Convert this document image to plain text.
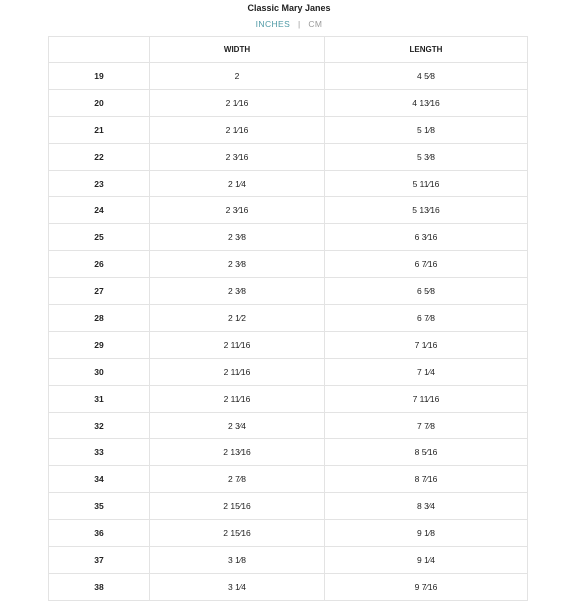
Classic Mary Janes
INCHES | CM
	WIDTH	LENGTH
19	2	4 5⁄8
20	2 1⁄16	4 13⁄16
21	2 1⁄16	5 1⁄8
22	2 3⁄16	5 3⁄8
23	2 1⁄4	5 11⁄16
24	2 3⁄16	5 13⁄16
25	2 3⁄8	6 3⁄16
26	2 3⁄8	6 7⁄16
27	2 3⁄8	6 5⁄8
28	2 1⁄2	6 7⁄8
29	2 11⁄16	7 1⁄16
30	2 11⁄16	7 1⁄4
31	2 11⁄16	7 11⁄16
32	2 3⁄4	7 7⁄8
33	2 13⁄16	8 5⁄16
34	2 7⁄8	8 7⁄16
35	2 15⁄16	8 3⁄4
36	2 15⁄16	9 1⁄8
37	3 1⁄8	9 1⁄4
38	3 1⁄4	9 7⁄16
